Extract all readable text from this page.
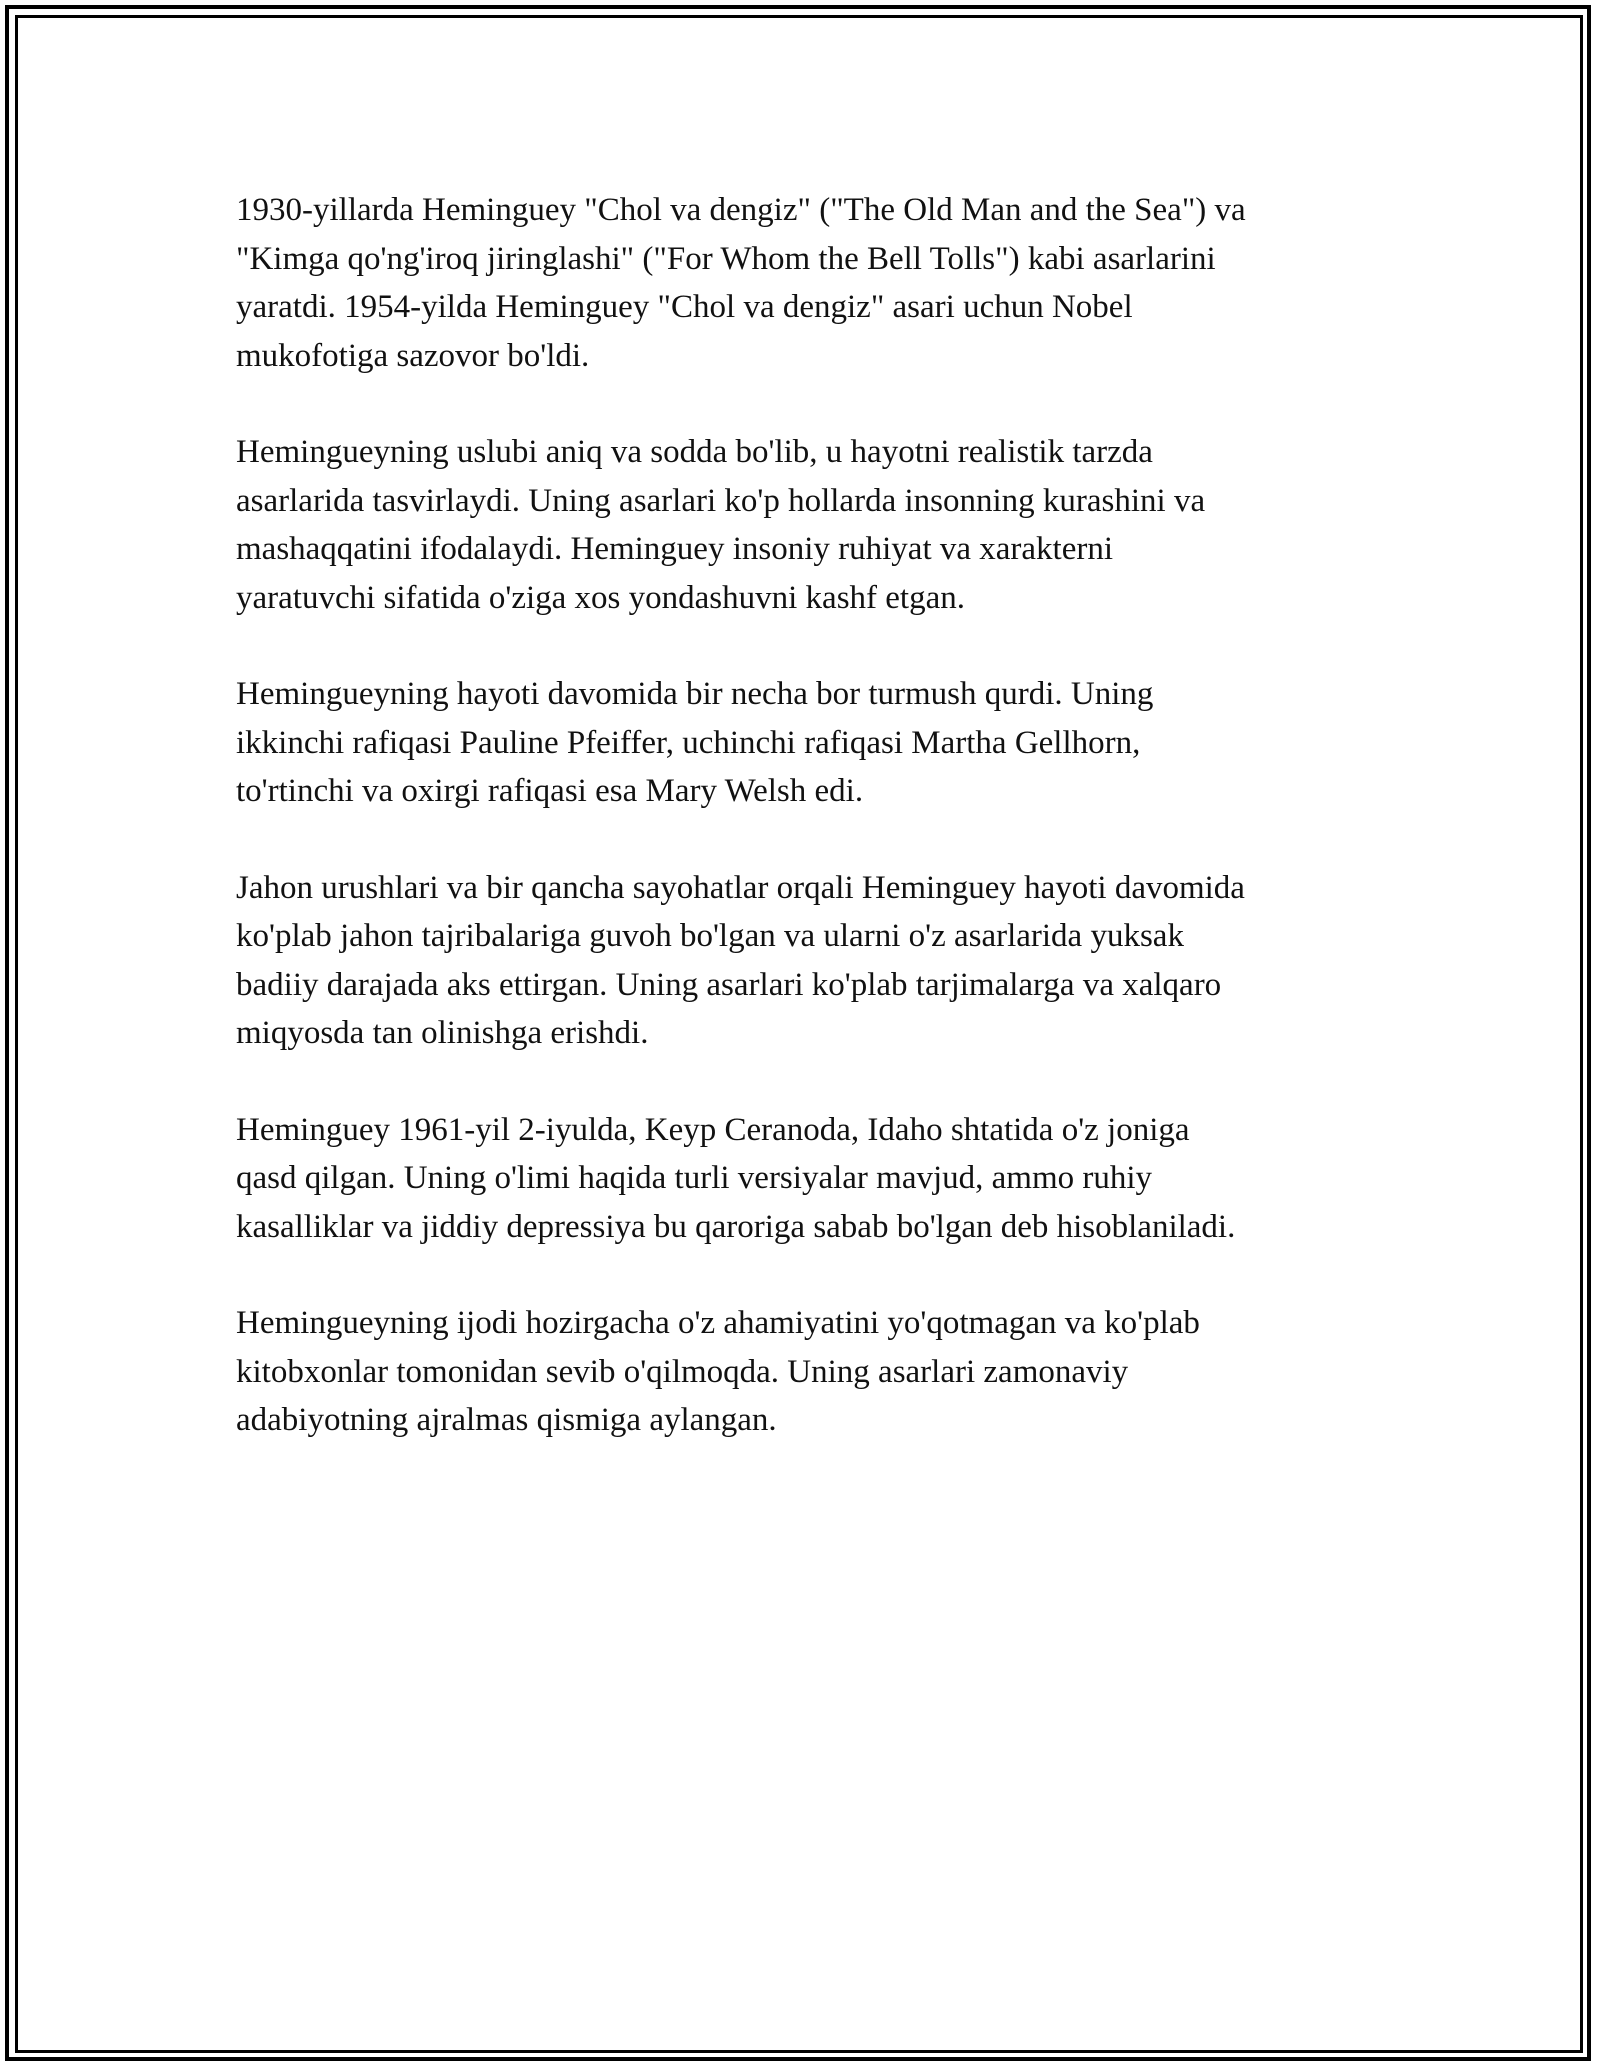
1930-yillarda Heminguey "Chol va dengiz" ("The Old Man and the Sea") va
"Kimga qo'ng'iroq jiringlashi" ("For Whom the Bell Tolls") kabi asarlarini
yaratdi. 1954-yilda Heminguey "Chol va dengiz" asari uchun Nobel
mukofotiga sazovor bo'ldi.

Hemingueyning uslubi aniq va sodda bo'lib, u hayotni realistik tarzda
asarlarida tasvirlaydi. Uning asarlari ko'p hollarda insonning kurashini va
mashaqqatini ifodalaydi. Heminguey insoniy ruhiyat va xarakterni
yaratuvchi sifatida o'ziga xos yondashuvni kashf etgan.

Hemingueyning hayoti davomida bir necha bor turmush qurdi. Uning
ikkinchi rafiqasi Pauline Pfeiffer, uchinchi rafiqasi Martha Gellhorn,
to'rtinchi va oxirgi rafiqasi esa Mary Welsh edi.

Jahon urushlari va bir qancha sayohatlar orqali Heminguey hayoti davomida
ko'plab jahon tajribalariga guvoh bo'lgan va ularni o'z asarlarida yuksak
badiiy darajada aks ettirgan. Uning asarlari ko'plab tarjimalarga va xalqaro
miqyosda tan olinishga erishdi.

Heminguey 1961-yil 2-iyulda, Keyp Ceranoda, Idaho shtatida o'z joniga
qasd qilgan. Uning o'limi haqida turli versiyalar mavjud, ammo ruhiy
kasalliklar va jiddiy depressiya bu qaroriga sabab bo'lgan deb hisoblaniladi.

Hemingueyning ijodi hozirgacha o'z ahamiyatini yo'qotmagan va ko'plab
kitobxonlar tomonidan sevib o'qilmoqda. Uning asarlari zamonaviy
adabiyotning ajralmas qismiga aylangan.
